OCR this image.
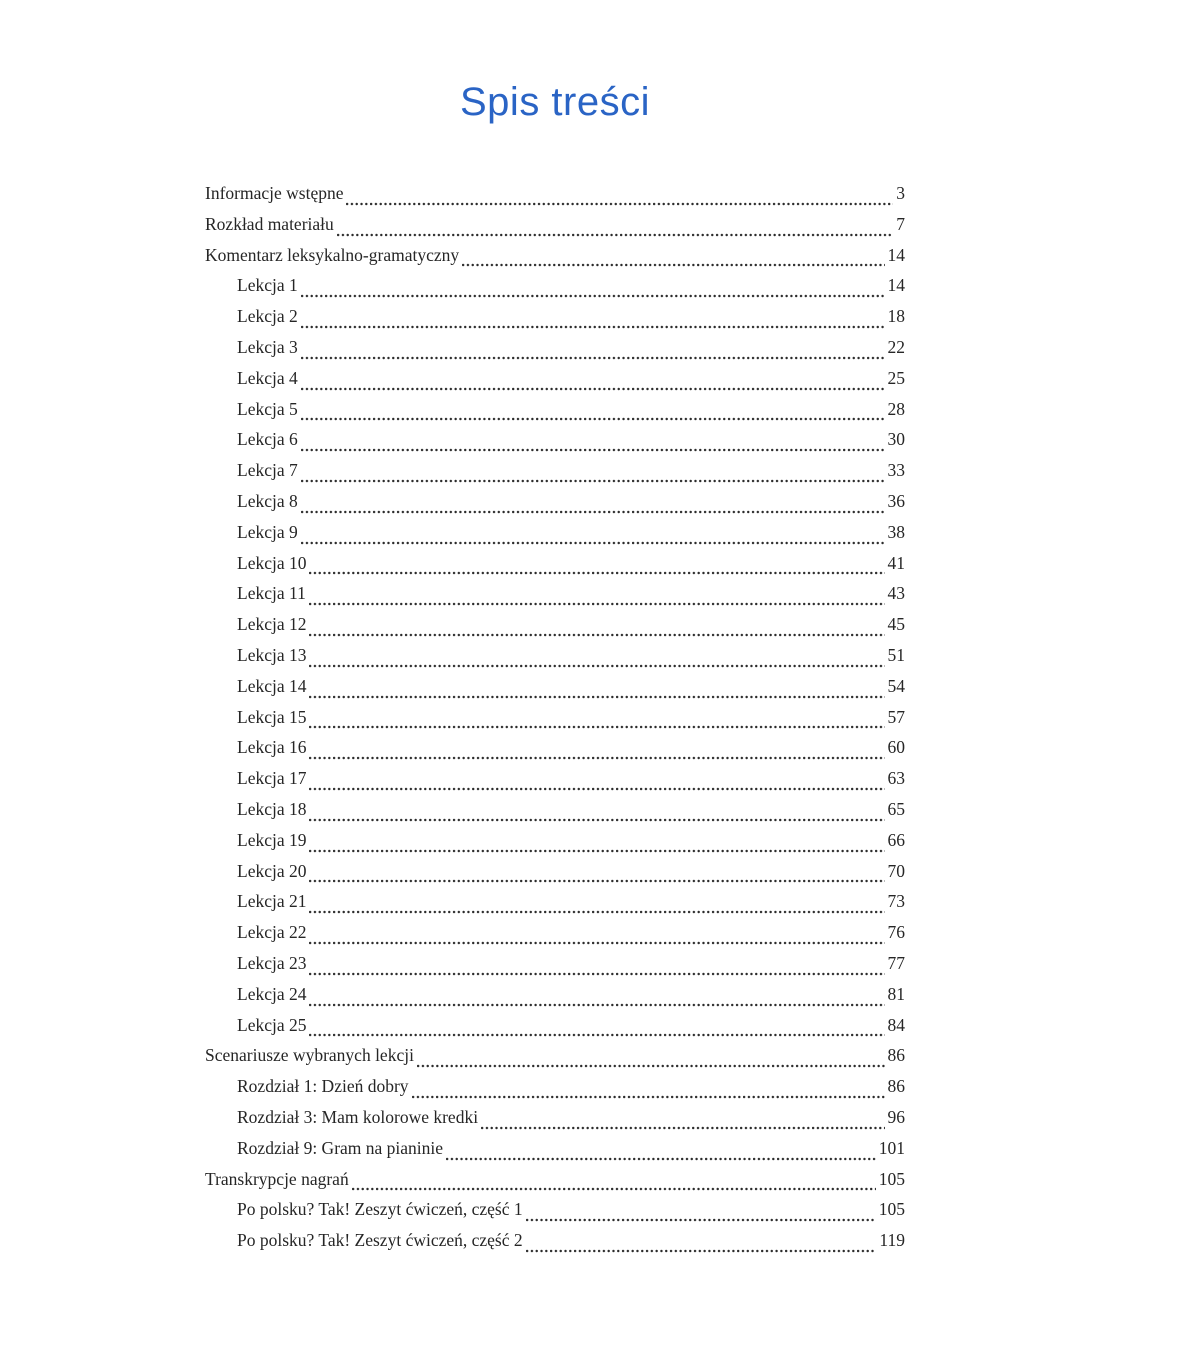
Spis treści
Informacje wstępne	3
Rozkład materiału	7
Komentarz leksykalno-gramatyczny	14
Lekcja 1	14
Lekcja 2	18
Lekcja 3	22
Lekcja 4	25
Lekcja 5	28
Lekcja 6	30
Lekcja 7	33
Lekcja 8	36
Lekcja 9	38
Lekcja 10	41
Lekcja 11	43
Lekcja 12	45
Lekcja 13	51
Lekcja 14	54
Lekcja 15	57
Lekcja 16	60
Lekcja 17	63
Lekcja 18	65
Lekcja 19	66
Lekcja 20	70
Lekcja 21	73
Lekcja 22	76
Lekcja 23	77
Lekcja 24	81
Lekcja 25	84
Scenariusze wybranych lekcji	86
Rozdział 1: Dzień dobry	86
Rozdział 3: Mam kolorowe kredki	96
Rozdział 9: Gram na pianinie	101
Transkrypcje nagrań	105
Po polsku? Tak! Zeszyt ćwiczeń, część 1	105
Po polsku? Tak! Zeszyt ćwiczeń, część 2	119
